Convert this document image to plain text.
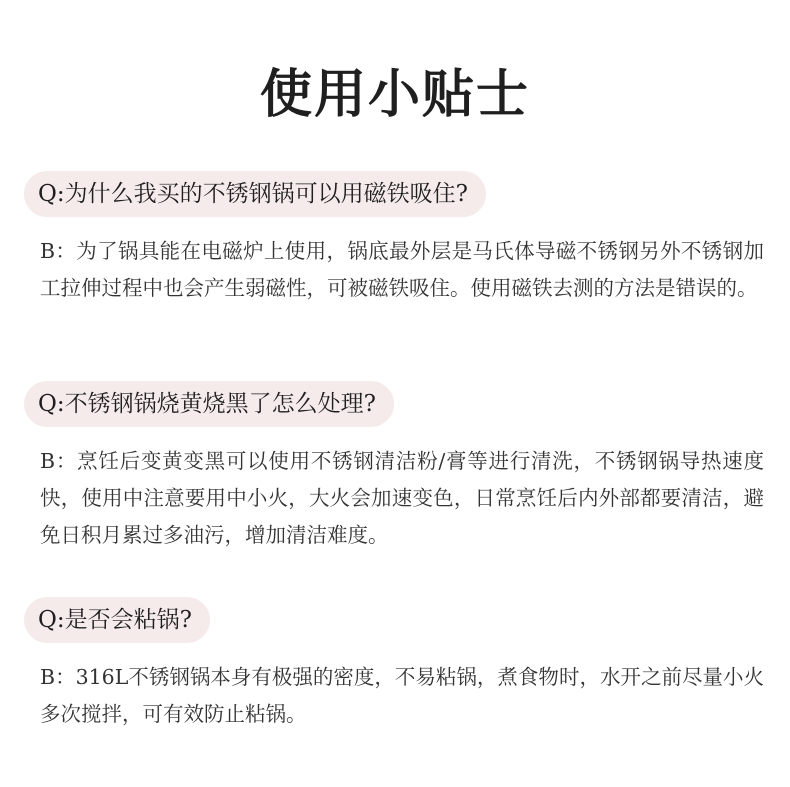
使用小贴士
Q:为什么我买的不锈钢锅可以用磁铁吸住?
B：为了锅具能在电磁炉上使用，锅底最外层是马氏体导磁不锈钢另外不锈钢加工拉伸过程中也会产生弱磁性，可被磁铁吸住。使用磁铁去测的方法是错误的。
Q:不锈钢锅烧黄烧黑了怎么处理?
B：烹饪后变黄变黑可以使用不锈钢清洁粉/膏等进行清洗，不锈钢锅导热速度快，使用中注意要用中小火，大火会加速变色，日常烹饪后内外部都要清洁，避免日积月累过多油污，增加清洁难度。
Q:是否会粘锅?
B：316L不锈钢锅本身有极强的密度，不易粘锅，煮食物时，水开之前尽量小火多次搅拌，可有效防止粘锅。
